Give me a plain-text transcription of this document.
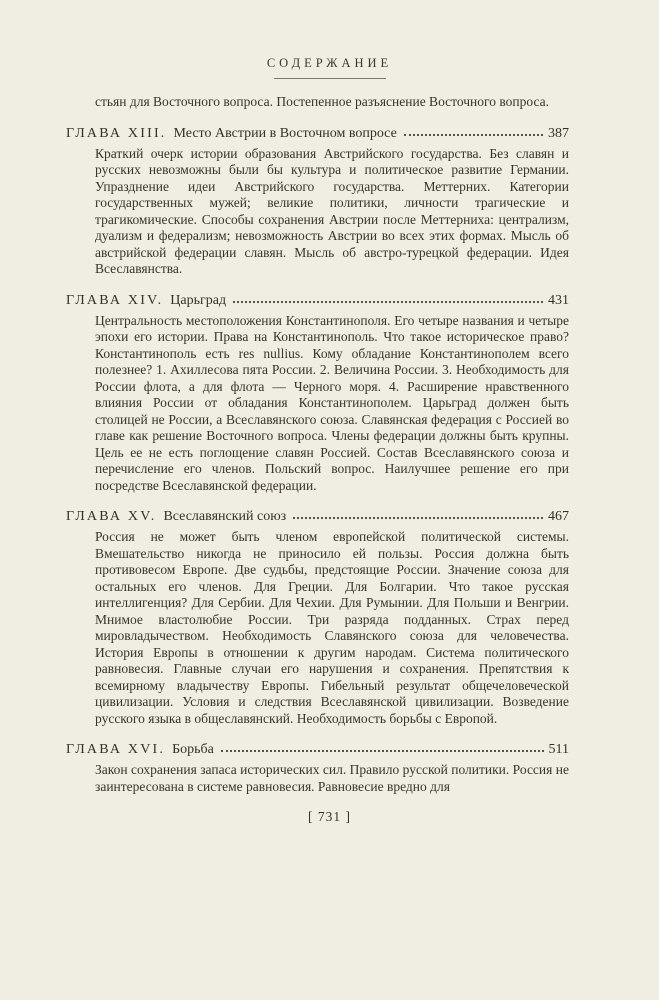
СОДЕРЖАНИЕ

стьян для Восточного вопроса. Постепенное разъяснение Восточного вопроса.

ГЛАВА XIII. Место Австрии в Восточном вопросе	387

Краткий очерк истории образования Австрийского государства. Без славян и русских невозможны были бы культура и политическое развитие Германии. Упразднение идеи Австрийского государства. Меттерних. Категории государственных мужей; великие политики, личности трагические и трагикомические. Способы сохранения Австрии после Меттерниха: централизм, дуализм и федерализм; невозможность Австрии во всех этих формах. Мысль об австрийской федерации славян. Мысль об австро-турецкой федерации. Идея Всеславянства.

ГЛАВА XIV. Царьград	431

Центральность местоположения Константинополя. Его четыре названия и четыре эпохи его истории. Права на Константинополь. Что такое историческое право? Константинополь есть res nullius. Кому обладание Константинополем всего полезнее? 1. Ахиллесова пята России. 2. Величина России. 3. Необходимость для России флота, а для флота — Черного моря. 4. Расширение нравственного влияния России от обладания Константинополем. Царьград должен быть столицей не России, а Всеславянского союза. Славянская федерация с Россией во главе как решение Восточного вопроса. Члены федерации должны быть крупны. Цель ее не есть поглощение славян Россией. Состав Всеславянского союза и перечисление его членов. Польский вопрос. Наилучшее решение его при посредстве Всеславянской федерации.

ГЛАВА XV. Всеславянский союз	467

Россия не может быть членом европейской политической системы. Вмешательство никогда не приносило ей пользы. Россия должна быть противовесом Европе. Две судьбы, предстоящие России. Значение союза для остальных его членов. Для Греции. Для Болгарии. Что такое русская интеллигенция? Для Сербии. Для Чехии. Для Румынии. Для Польши и Венгрии. Мнимое властолюбие России. Три разряда подданных. Страх перед мировладычеством. Необходимость Славянского союза для человечества. История Европы в отношении к другим народам. Система политического равновесия. Главные случаи его нарушения и сохранения. Препятствия к всемирному владычеству Европы. Гибельный результат общечеловеческой цивилизации. Условия и следствия Всеславянской цивилизации. Возведение русского языка в общеславянский. Необходимость борьбы с Европой.

ГЛАВА XVI. Борьба	511

Закон сохранения запаса исторических сил. Правило русской политики. Россия не заинтересована в системе равновесия. Равновесие вредно для

[ 731 ]
